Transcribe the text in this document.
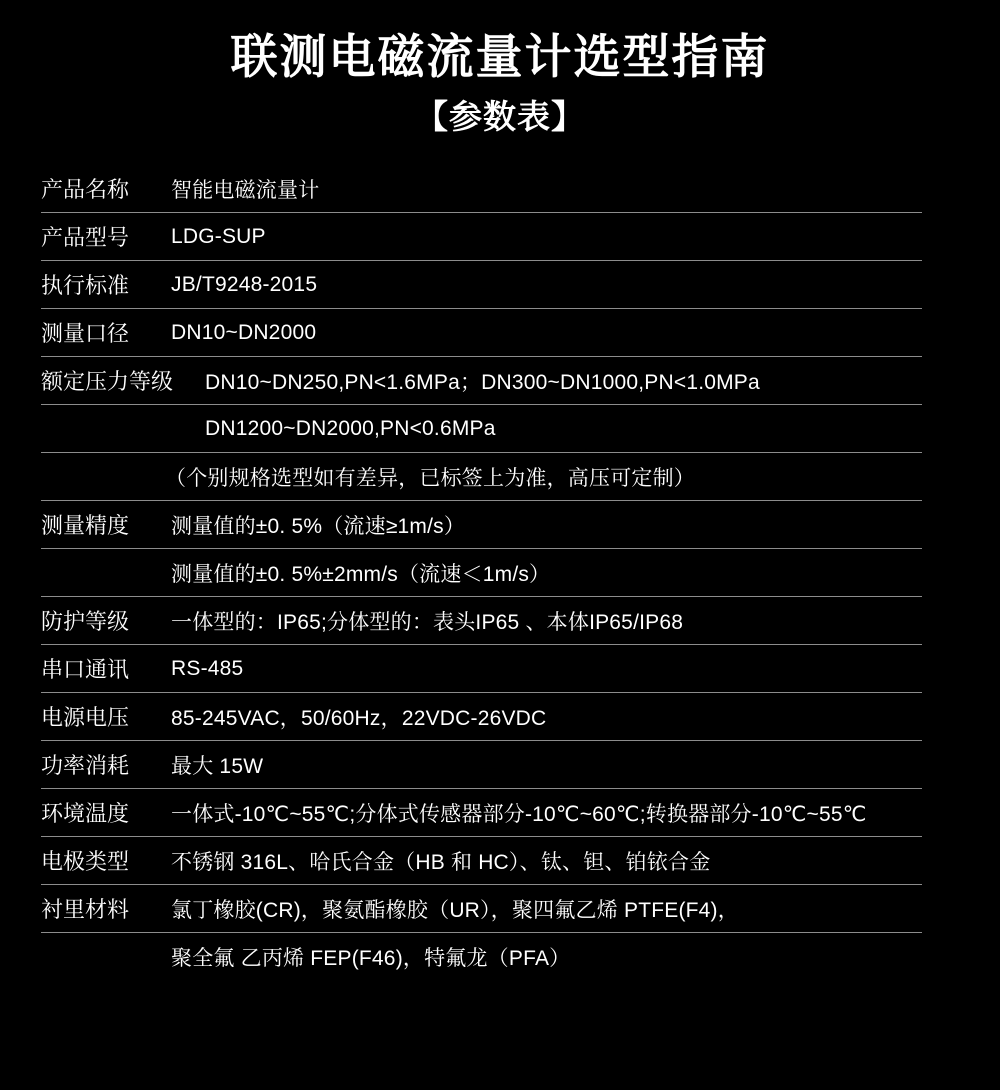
联测电磁流量计选型指南
【参数表】
产品名称	智能电磁流量计
产品型号	LDG-SUP
执行标准	JB/T9248-2015
测量口径	DN10~DN2000
额定压力等级	DN10~DN250,PN<1.6MPa；DN300~DN1000,PN<1.0MPa
DN1200~DN2000,PN<0.6MPa
（个别规格选型如有差异，已标签上为准，高压可定制）
测量精度	测量值的±0. 5%（流速≥1m/s）
测量值的±0. 5%±2mm/s（流速＜1m/s）
防护等级	一体型的：IP65;分体型的：表头IP65 、本体IP65/IP68
串口通讯	RS-485
电源电压	85-245VAC，50/60Hz，22VDC-26VDC
功率消耗	最大 15W
环境温度	一体式-10℃~55℃;分体式传感器部分-10℃~60℃;转换器部分-10℃~55℃
电极类型	不锈钢 316L、哈氏合金（HB 和 HC）、钛、钽、铂铱合金
衬里材料	氯丁橡胶(CR)，聚氨酯橡胶（UR），聚四氟乙烯 PTFE(F4)，
聚全氟 乙丙烯 FEP(F46)，特氟龙（PFA）
